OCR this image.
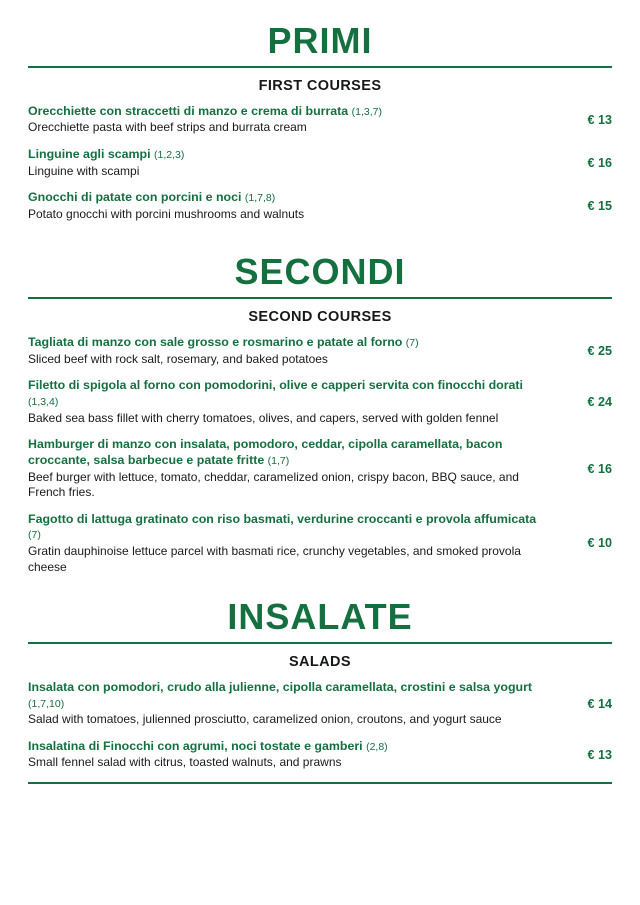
PRIMI
FIRST COURSES

Orecchiette con straccetti di manzo e crema di burrata (1,3,7)

Orecchiette pasta with beef strips and burrata cream

€ 13

Linguine agli scampi (1,2,3)

Linguine with scampi

€ 16

Gnocchi di patate con porcini e noci (1,7,8)

Potato gnocchi with porcini mushrooms and walnuts

€ 15
SECONDI
SECOND COURSES

Tagliata di manzo con sale grosso e rosmarino e patate al forno (7)

Sliced beef with rock salt, rosemary, and baked potatoes

€ 25

Filetto di spigola al forno con pomodorini, olive e capperi servita con finocchi dorati (1,3,4)

Baked sea bass fillet with cherry tomatoes, olives, and capers, served with golden fennel

€ 24

Hamburger di manzo con insalata, pomodoro, ceddar, cipolla caramellata, bacon croccante, salsa barbecue e patate fritte (1,7)

Beef burger with lettuce, tomato, cheddar, caramelized onion, crispy bacon, BBQ sauce, and French fries.

€ 16

Fagotto di lattuga gratinato con riso basmati, verdurine croccanti e provola affumicata (7)

Gratin dauphinoise lettuce parcel with basmati rice, crunchy vegetables, and smoked provola cheese

€ 10
INSALATE
SALADS

Insalata con pomodori, crudo alla julienne, cipolla caramellata, crostini e salsa yogurt (1,7,10)

Salad with tomatoes, julienned prosciutto, caramelized onion, croutons, and yogurt sauce

€ 14

Insalatina di Finocchi con agrumi, noci tostate e gamberi (2,8)

Small fennel salad with citrus, toasted walnuts, and prawns

€ 13
